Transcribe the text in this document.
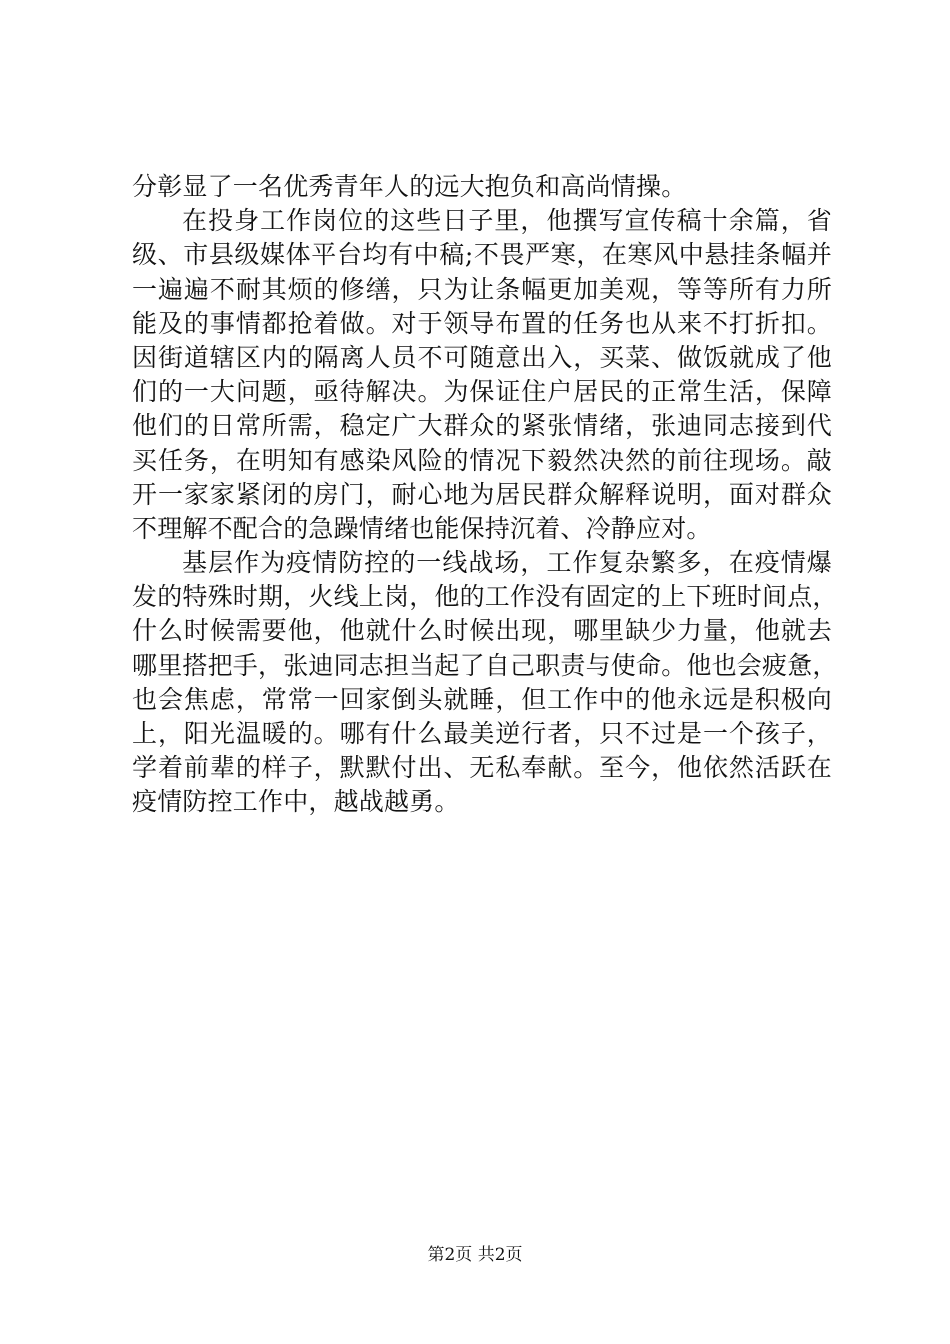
分彰显了一名优秀青年人的远大抱负和高尚情操。
在投身工作岗位的这些日子里，他撰写宣传稿十余篇，省
级、市县级媒体平台均有中稿;不畏严寒，在寒风中悬挂条幅并
一遍遍不耐其烦的修缮，只为让条幅更加美观，等等所有力所
能及的事情都抢着做。对于领导布置的任务也从来不打折扣。
因街道辖区内的隔离人员不可随意出入，买菜、做饭就成了他
们的一大问题，亟待解决。为保证住户居民的正常生活，保障
他们的日常所需，稳定广大群众的紧张情绪，张迪同志接到代
买任务，在明知有感染风险的情况下毅然决然的前往现场。敲
开一家家紧闭的房门，耐心地为居民群众解释说明，面对群众
不理解不配合的急躁情绪也能保持沉着、冷静应对。
基层作为疫情防控的一线战场，工作复杂繁多，在疫情爆
发的特殊时期，火线上岗，他的工作没有固定的上下班时间点，
什么时候需要他，他就什么时候出现，哪里缺少力量，他就去
哪里搭把手，张迪同志担当起了自己职责与使命。他也会疲惫，
也会焦虑，常常一回家倒头就睡，但工作中的他永远是积极向
上，阳光温暖的。哪有什么最美逆行者，只不过是一个孩子，
学着前辈的样子，默默付出、无私奉献。至今，他依然活跃在
疫情防控工作中，越战越勇。
第2页 共2页
